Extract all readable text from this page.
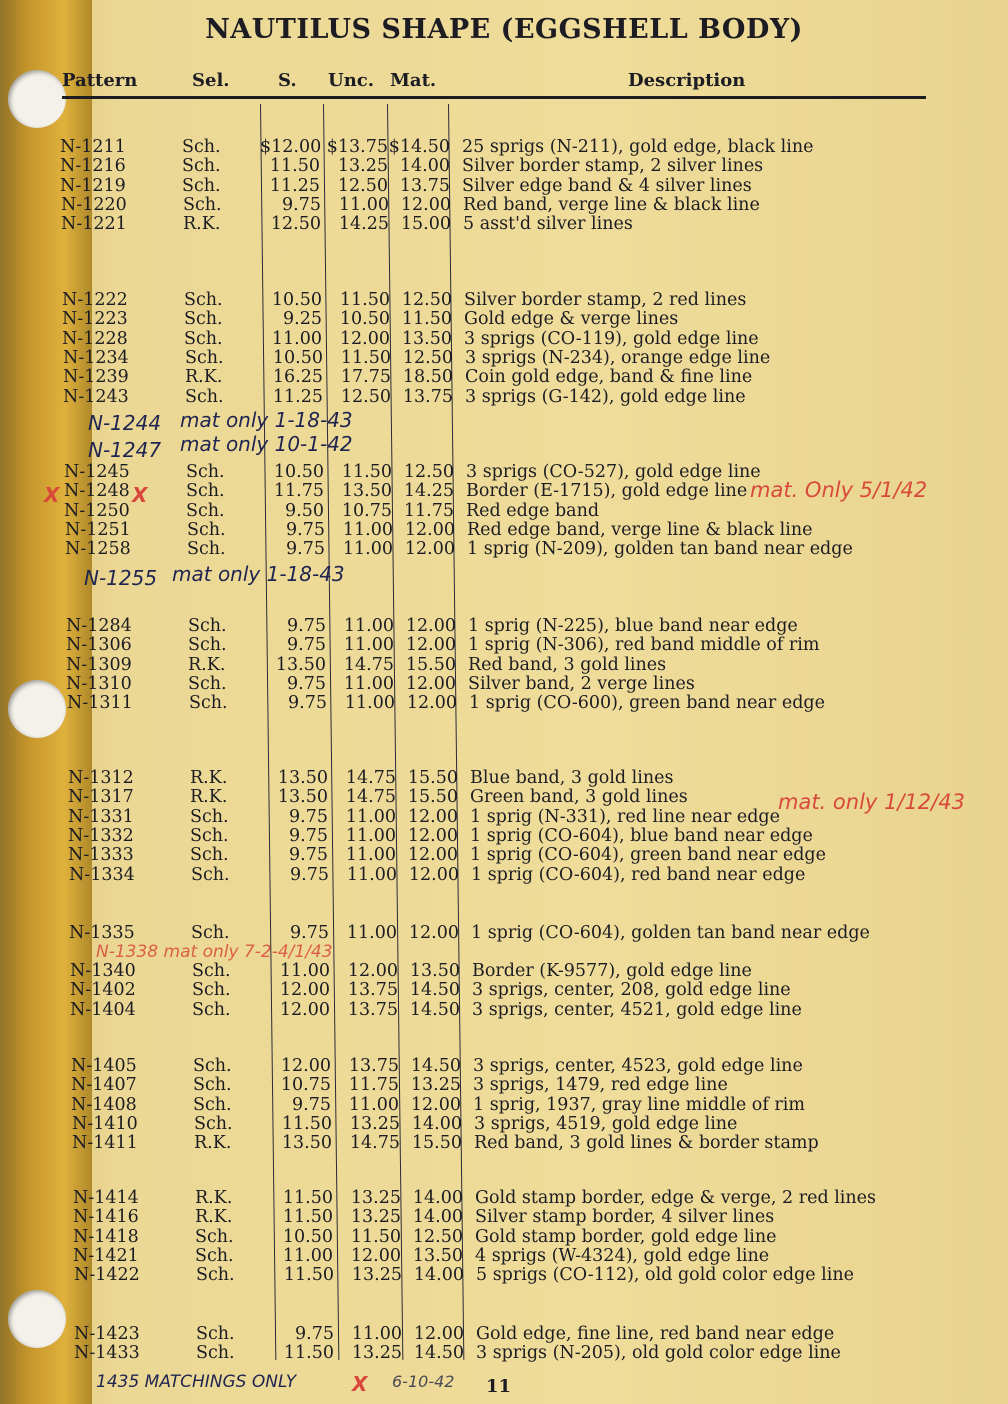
NAUTILUS SHAPE (EGGSHELL BODY)
Pattern	Sel.	S. Unc. Mat.	Description
N-1211	Sch. $12.00 $13.75 $14.50 25 sprigs (N-211), gold edge, black line
N-1216	Sch.	11.50	13.25 14.00 Silver border stamp, 2 silver lines
N-1219	Sch.	11.25	12.50 13.75 Silver edge band & 4 silver lines
N-1220	Sch.	9.75	11.00 12.00 Red band, verge line & black line
N-1221	R.K.	12.50	14.25 15.00 5 asst'd silver lines
N-1222	Sch.	10.50	11.50 12.50 Silver border stamp, 2 red lines
N-1223	Sch.	9.25	10.50 11.50 Gold edge & verge lines
N-1228	Sch.	11.00	12.00 13.50 3 sprigs (CO-119), gold edge line
N-1234	Sch.	10.50	11.50 12.50 3 sprigs (N-234), orange edge line
N-1239	R.K.	16.25	17.75 18.50 Coin gold edge, band & fine line
N-1243	Sch.	11.25	12.50 13.75 3 sprigs (G-142), gold edge line
N-1245	Sch.	10.50	11.50 12.50 3 sprigs (CO-527), gold edge line
N-1248	Sch.	11.75	13.50 14.25 Border (E-1715), gold edge line
N-1250	Sch.	9.50	10.75 11.75 Red edge band
N-1251	Sch.	9.75	11.00 12.00 Red edge band, verge line & black line
N-1258	Sch.	9.75	11.00 12.00 1 sprig (N-209), golden tan band near edge
N-1284	Sch.	9.75	11.00 12.00 1 sprig (N-225), blue band near edge
N-1306	Sch.	9.75	11.00 12.00 1 sprig (N-306), red band middle of rim
N-1309	R.K.	13.50	14.75 15.50 Red band, 3 gold lines
N-1310	Sch.	9.75	11.00 12.00 Silver band, 2 verge lines
N-1311	Sch.	9.75	11.00 12.00 1 sprig (CO-600), green band near edge
N-1312	R.K.	13.50	14.75 15.50 Blue band, 3 gold lines
N-1317	R.K.	13.50	14.75 15.50 Green band, 3 gold lines
N-1331	Sch.	9.75	11.00 12.00 1 sprig (N-331), red line near edge
N-1332	Sch.	9.75	11.00 12.00 1 sprig (CO-604), blue band near edge
N-1333	Sch.	9.75	11.00 12.00 1 sprig (CO-604), green band near edge
N-1334	Sch.	9.75	11.00 12.00 1 sprig (CO-604), red band near edge
N-1335	Sch.	9.75	11.00 12.00 1 sprig (CO-604), golden tan band near edge
N-1340	Sch.	11.00	12.00 13.50 Border (K-9577), gold edge line
N-1402	Sch.	12.00	13.75 14.50 3 sprigs, center, 208, gold edge line
N-1404	Sch.	12.00	13.75 14.50 3 sprigs, center, 4521, gold edge line
N-1405	Sch.	12.00	13.75 14.50 3 sprigs, center, 4523, gold edge line
N-1407	Sch.	10.75	11.75 13.25 3 sprigs, 1479, red edge line
N-1408	Sch.	9.75	11.00 12.00 1 sprig, 1937, gray line middle of rim
N-1410	Sch.	11.50	13.25 14.00 3 sprigs, 4519, gold edge line
N-1411	R.K.	13.50	14.75 15.50 Red band, 3 gold lines & border stamp
N-1414	R.K.	11.50	13.25 14.00 Gold stamp border, edge & verge, 2 red lines
N-1416	R.K.	11.50	13.25 14.00 Silver stamp border, 4 silver lines
N-1418	Sch.	10.50	11.50 12.50 Gold stamp border, gold edge line
N-1421	Sch.	11.00	12.00 13.50 4 sprigs (W-4324), gold edge line
N-1422	Sch.	11.50	13.25 14.00 5 sprigs (CO-112), old gold color edge line
N-1423	Sch.	9.75	11.00 12.00 Gold edge, fine line, red band near edge
N-1433	Sch.	11.50	13.25 14.50 3 sprigs (N-205), old gold color edge line
N-1244 mat only 1-18-43
N-1247 mat only 10-1-42
N-1255 mat only 1-18-43
X	X	mat. Only 5/1/42
mat. only 1/12/43
N-1338 mat only 7-2-4/1/43
1435 MATCHINGS ONLY	X 6-10-42 11
